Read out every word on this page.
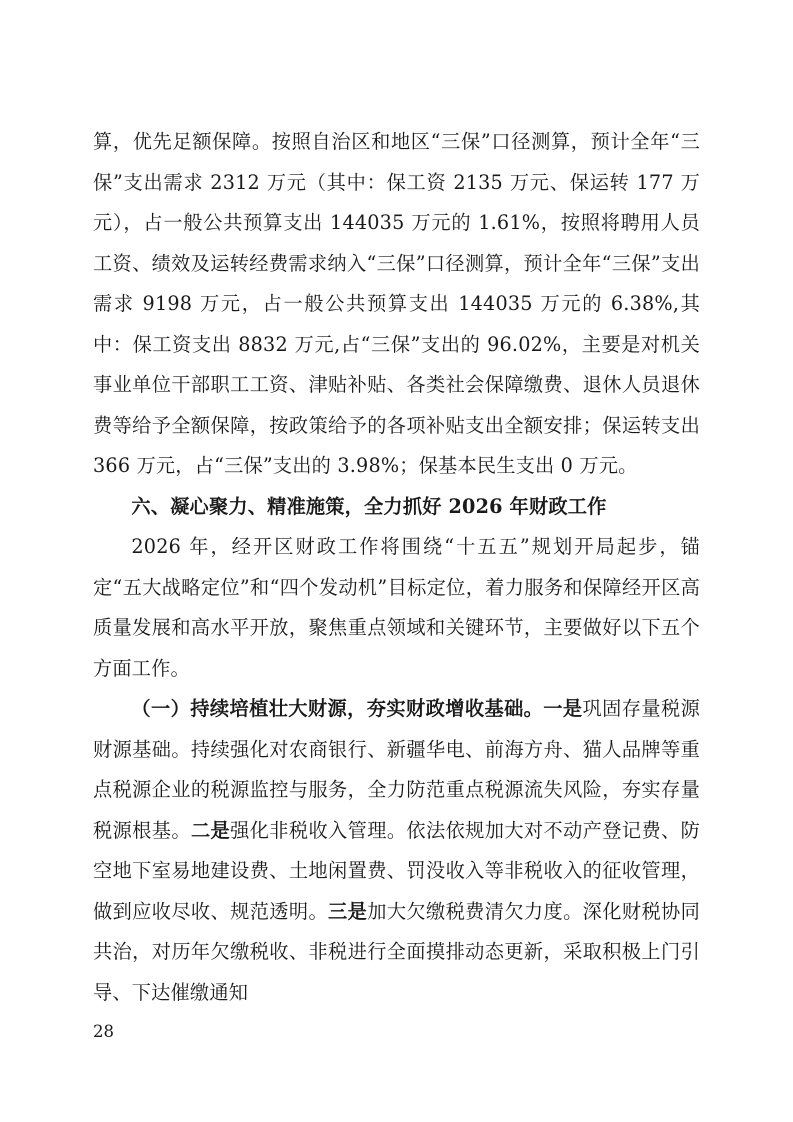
算，优先足额保障。按照自治区和地区“三保”口径测算，预计全年“三保”支出需求 2312 万元（其中：保工资 2135 万元、保运转 177 万元），占一般公共预算支出 144035 万元的 1.61%，按照将聘用人员工资、绩效及运转经费需求纳入“三保”口径测算，预计全年“三保”支出需求 9198 万元，占一般公共预算支出 144035 万元的 6.38%,其中：保工资支出 8832 万元,占“三保”支出的 96.02%，主要是对机关事业单位干部职工工资、津贴补贴、各类社会保障缴费、退休人员退休费等给予全额保障，按政策给予的各项补贴支出全额安排；保运转支出 366 万元，占“三保”支出的 3.98%；保基本民生支出 0 万元。

六、凝心聚力、精准施策，全力抓好 2026 年财政工作

2026 年，经开区财政工作将围绕“十五五”规划开局起步，锚定“五大战略定位”和“四个发动机”目标定位，着力服务和保障经开区高质量发展和高水平开放，聚焦重点领域和关键环节，主要做好以下五个方面工作。

（一）持续培植壮大财源，夯实财政增收基础。一是巩固存量税源财源基础。持续强化对农商银行、新疆华电、前海方舟、猫人品牌等重点税源企业的税源监控与服务，全力防范重点税源流失风险，夯实存量税源根基。二是强化非税收入管理。依法依规加大对不动产登记费、防空地下室易地建设费、土地闲置费、罚没收入等非税收入的征收管理，做到应收尽收、规范透明。三是加大欠缴税费清欠力度。深化财税协同共治，对历年欠缴税收、非税进行全面摸排动态更新，采取积极上门引导、下达催缴通知

28
